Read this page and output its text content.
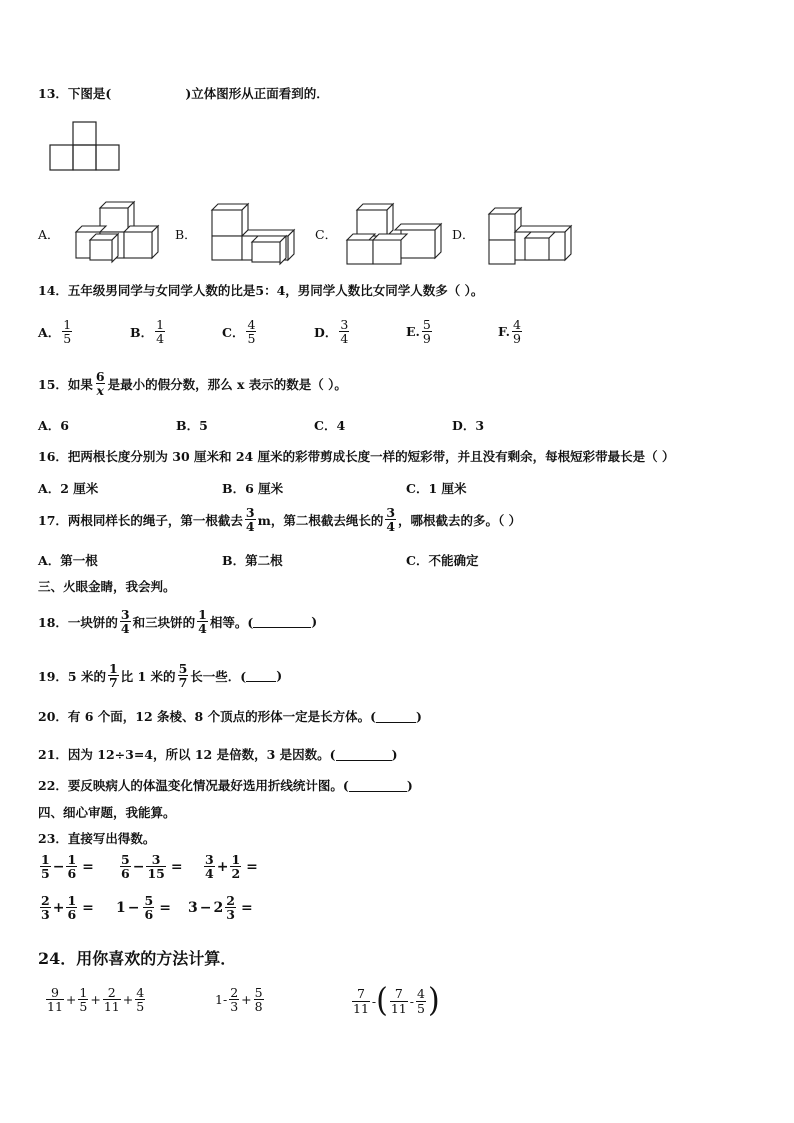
13．下图是(	)立体图形从正面看到的．
A．	B．	C．	D．
14．五年级男同学与女同学人数的比是5：4，男同学人数比女同学人数多（ ）。
A． $\frac{1}{5}$	B． $\frac{1}{4}$	C． $\frac{4}{5}$	D． $\frac{3}{4}$	E. $\frac{5}{9}$	F. $\frac{4}{9}$
15．如果 $\frac{6}{x}$ 是最小的假分数，那么 x 表示的数是（ ）。
A．6	B．5	C．4	D．3
16．把两根长度分别为 30 厘米和 24 厘米的彩带剪成长度一样的短彩带，并且没有剩余，每根短彩带最长是（ ）
A．2 厘米	B．6 厘米	C．1 厘米
17．两根同样长的绳子，第一根截去 $\frac{3}{4}$ m，第二根截去绳长的 $\frac{3}{4}$ ，哪根截去的多。（ ）
A．第一根	B．第二根	C．不能确定
三、火眼金睛，我会判。
18．一块饼的 $\frac{3}{4}$ 和三块饼的 $\frac{1}{4}$ 相等。(	)
19．5 米的 $\frac{1}{7}$ 比 1 米的 $\frac{5}{7}$ 长一些．( )
20．有 6 个面，12 条棱、8 个顶点的形体一定是长方体。(	)
21．因为 12÷3=4，所以 12 是倍数，3 是因数。(	)
22．要反映病人的体温变化情况最好选用折线统计图。(	)
四、细心审题，我能算。
23．直接写出得数。
$\frac{1}{5} - \frac{1}{6} = \frac{5}{6} - \frac{3}{15} = \frac{3}{4} + \frac{1}{2}$ =
$\frac{2}{3} + \frac{1}{6} = 1 - \frac{5}{6} = 3 - 2 \frac{2}{3}$ =
24．用你喜欢的方法计算．
$\frac{9}{11} + \frac{1}{5} + \frac{2}{11} + \frac{4}{5}$	$1 - \frac{2}{3} + \frac{5}{8}$	$\frac{7}{11}$ - ( $\frac{7}{11} - \frac{4}{5}$ )
